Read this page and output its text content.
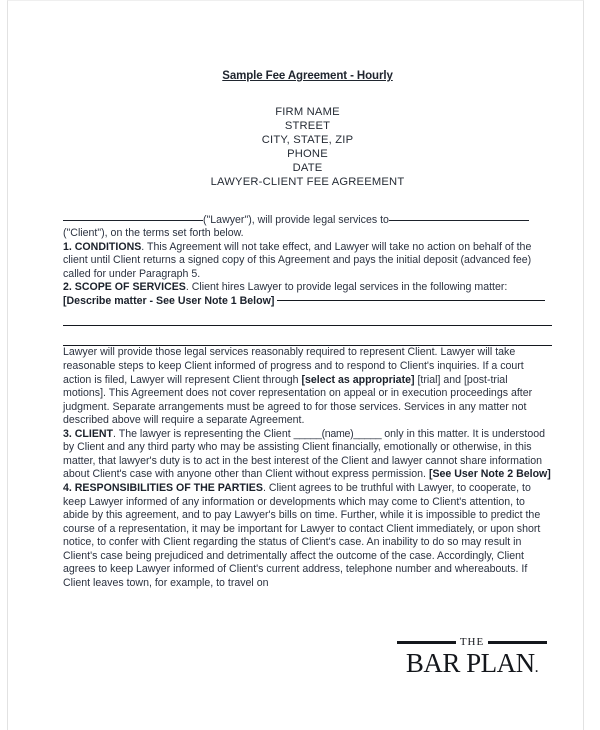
Sample Fee Agreement - Hourly
FIRM NAME
STREET
CITY, STATE, ZIP
PHONE
DATE
LAWYER-CLIENT FEE AGREEMENT
("Lawyer"), will provide legal services to
("Client"), on the terms set forth below.

1. CONDITIONS. This Agreement will not take effect, and Lawyer will take no action on behalf of the client until Client returns a signed copy of this Agreement and pays the initial deposit (advanced fee) called for under Paragraph 5.

2. SCOPE OF SERVICES. Client hires Lawyer to provide legal services in the following matter:
[Describe matter - See User Note 1 Below]

Lawyer will provide those legal services reasonably required to represent Client. Lawyer will take reasonable steps to keep Client informed of progress and to respond to Client's inquiries. If a court action is filed, Lawyer will represent Client through [select as appropriate] [trial] and [post-trial motions]. This Agreement does not cover representation on appeal or in execution proceedings after judgment. Separate arrangements must be agreed to for those services. Services in any matter not described above will require a separate Agreement.

3. CLIENT. The lawyer is representing the Client _____(name)_____ only in this matter. It is understood by Client and any third party who may be assisting Client financially, emotionally or otherwise, in this matter, that lawyer's duty is to act in the best interest of the Client and lawyer cannot share information about Client's case with anyone other than Client without express permission. [See User Note 2 Below]

4. RESPONSIBILITIES OF THE PARTIES. Client agrees to be truthful with Lawyer, to cooperate, to keep Lawyer informed of any information or developments which may come to Client's attention, to abide by this agreement, and to pay Lawyer's bills on time. Further, while it is impossible to predict the course of a representation, it may be important for Lawyer to contact Client immediately, or upon short notice, to confer with Client regarding the status of Client's case. An inability to do so may result in Client's case being prejudiced and detrimentally affect the outcome of the case. Accordingly, Client agrees to keep Lawyer informed of Client's current address, telephone number and whereabouts. If Client leaves town, for example, to travel on

THE
BAR PLAN.
